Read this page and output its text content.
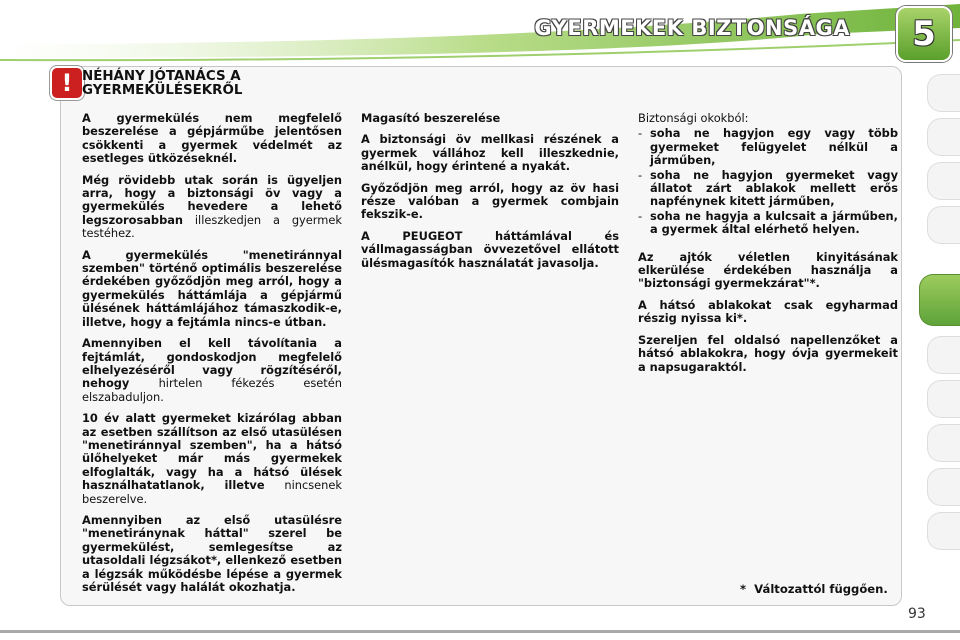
GYERMEKEK BIZTONSÁGA	5
! NÉHÁNY JÓTANÁCS A
GYERMEKÜLÉSEKRŐL

A gyermekülés nem megfelelő beszerelése a gépjárműbe jelentősen csökkenti a gyermek védelmét az esetleges ütközéseknél.

Még rövidebb utak során is ügyeljen arra, hogy a biztonsági öv vagy a gyermekülés hevedere a lehető legszorosabban illeszkedjen a gyermek testéhez.

A gyermekülés "menetiránnyal szemben" történő optimális beszerelése érdekében győződjön meg arról, hogy a gyermekülés háttámlája a gépjármű ülésének háttámlájához támaszkodik-e, illetve, hogy a fejtámla nincs-e útban.

Amennyiben el kell távolítania a fejtámlát, gondoskodjon megfelelő elhelyezéséről vagy rögzítéséről, nehogy hirtelen fékezés esetén elszabaduljon.

10 év alatt gyermeket kizárólag abban az esetben szállítson az első utasülésen "menetiránnyal szemben", ha a hátsó ülőhelyeket már más gyermekek elfoglalták, vagy ha a hátsó ülések használhatatlanok, illetve nincsenek beszerelve.

Amennyiben az első utasülésre "menetiránynak háttal" szerel be gyermekülést, semlegesítse az utasoldali légzsákot*, ellenkező esetben a légzsák működésbe lépése a gyermek sérülését vagy halálát okozhatja.

Magasító beszerelése

A biztonsági öv mellkasi részének a gyermek vállához kell illeszkednie, anélkül, hogy érintené a nyakát.

Győződjön meg arról, hogy az öv hasi része valóban a gyermek combjain fekszik-e.

A PEUGEOT háttámlával és vállmagasságban övvezetővel ellátott ülésmagasítók használatát javasolja.

Biztonsági okokból:

- soha ne hagyjon egy vagy több gyermeket felügyelet nélkül a járműben,
- soha ne hagyjon gyermeket vagy állatot zárt ablakok mellett erős napfénynek kitett járműben,
- soha ne hagyja a kulcsait a járműben, a gyermek által elérhető helyen.

Az ajtók véletlen kinyitásának elkerülése érdekében használja a "biztonsági gyermekzárat"*.

A hátsó ablakokat csak egyharmad részig nyissa ki*.

Szereljen fel oldalsó napellenzőket a hátsó ablakokra, hogy óvja gyermekeit a napsugaraktól.

* Változattól függően.
93
